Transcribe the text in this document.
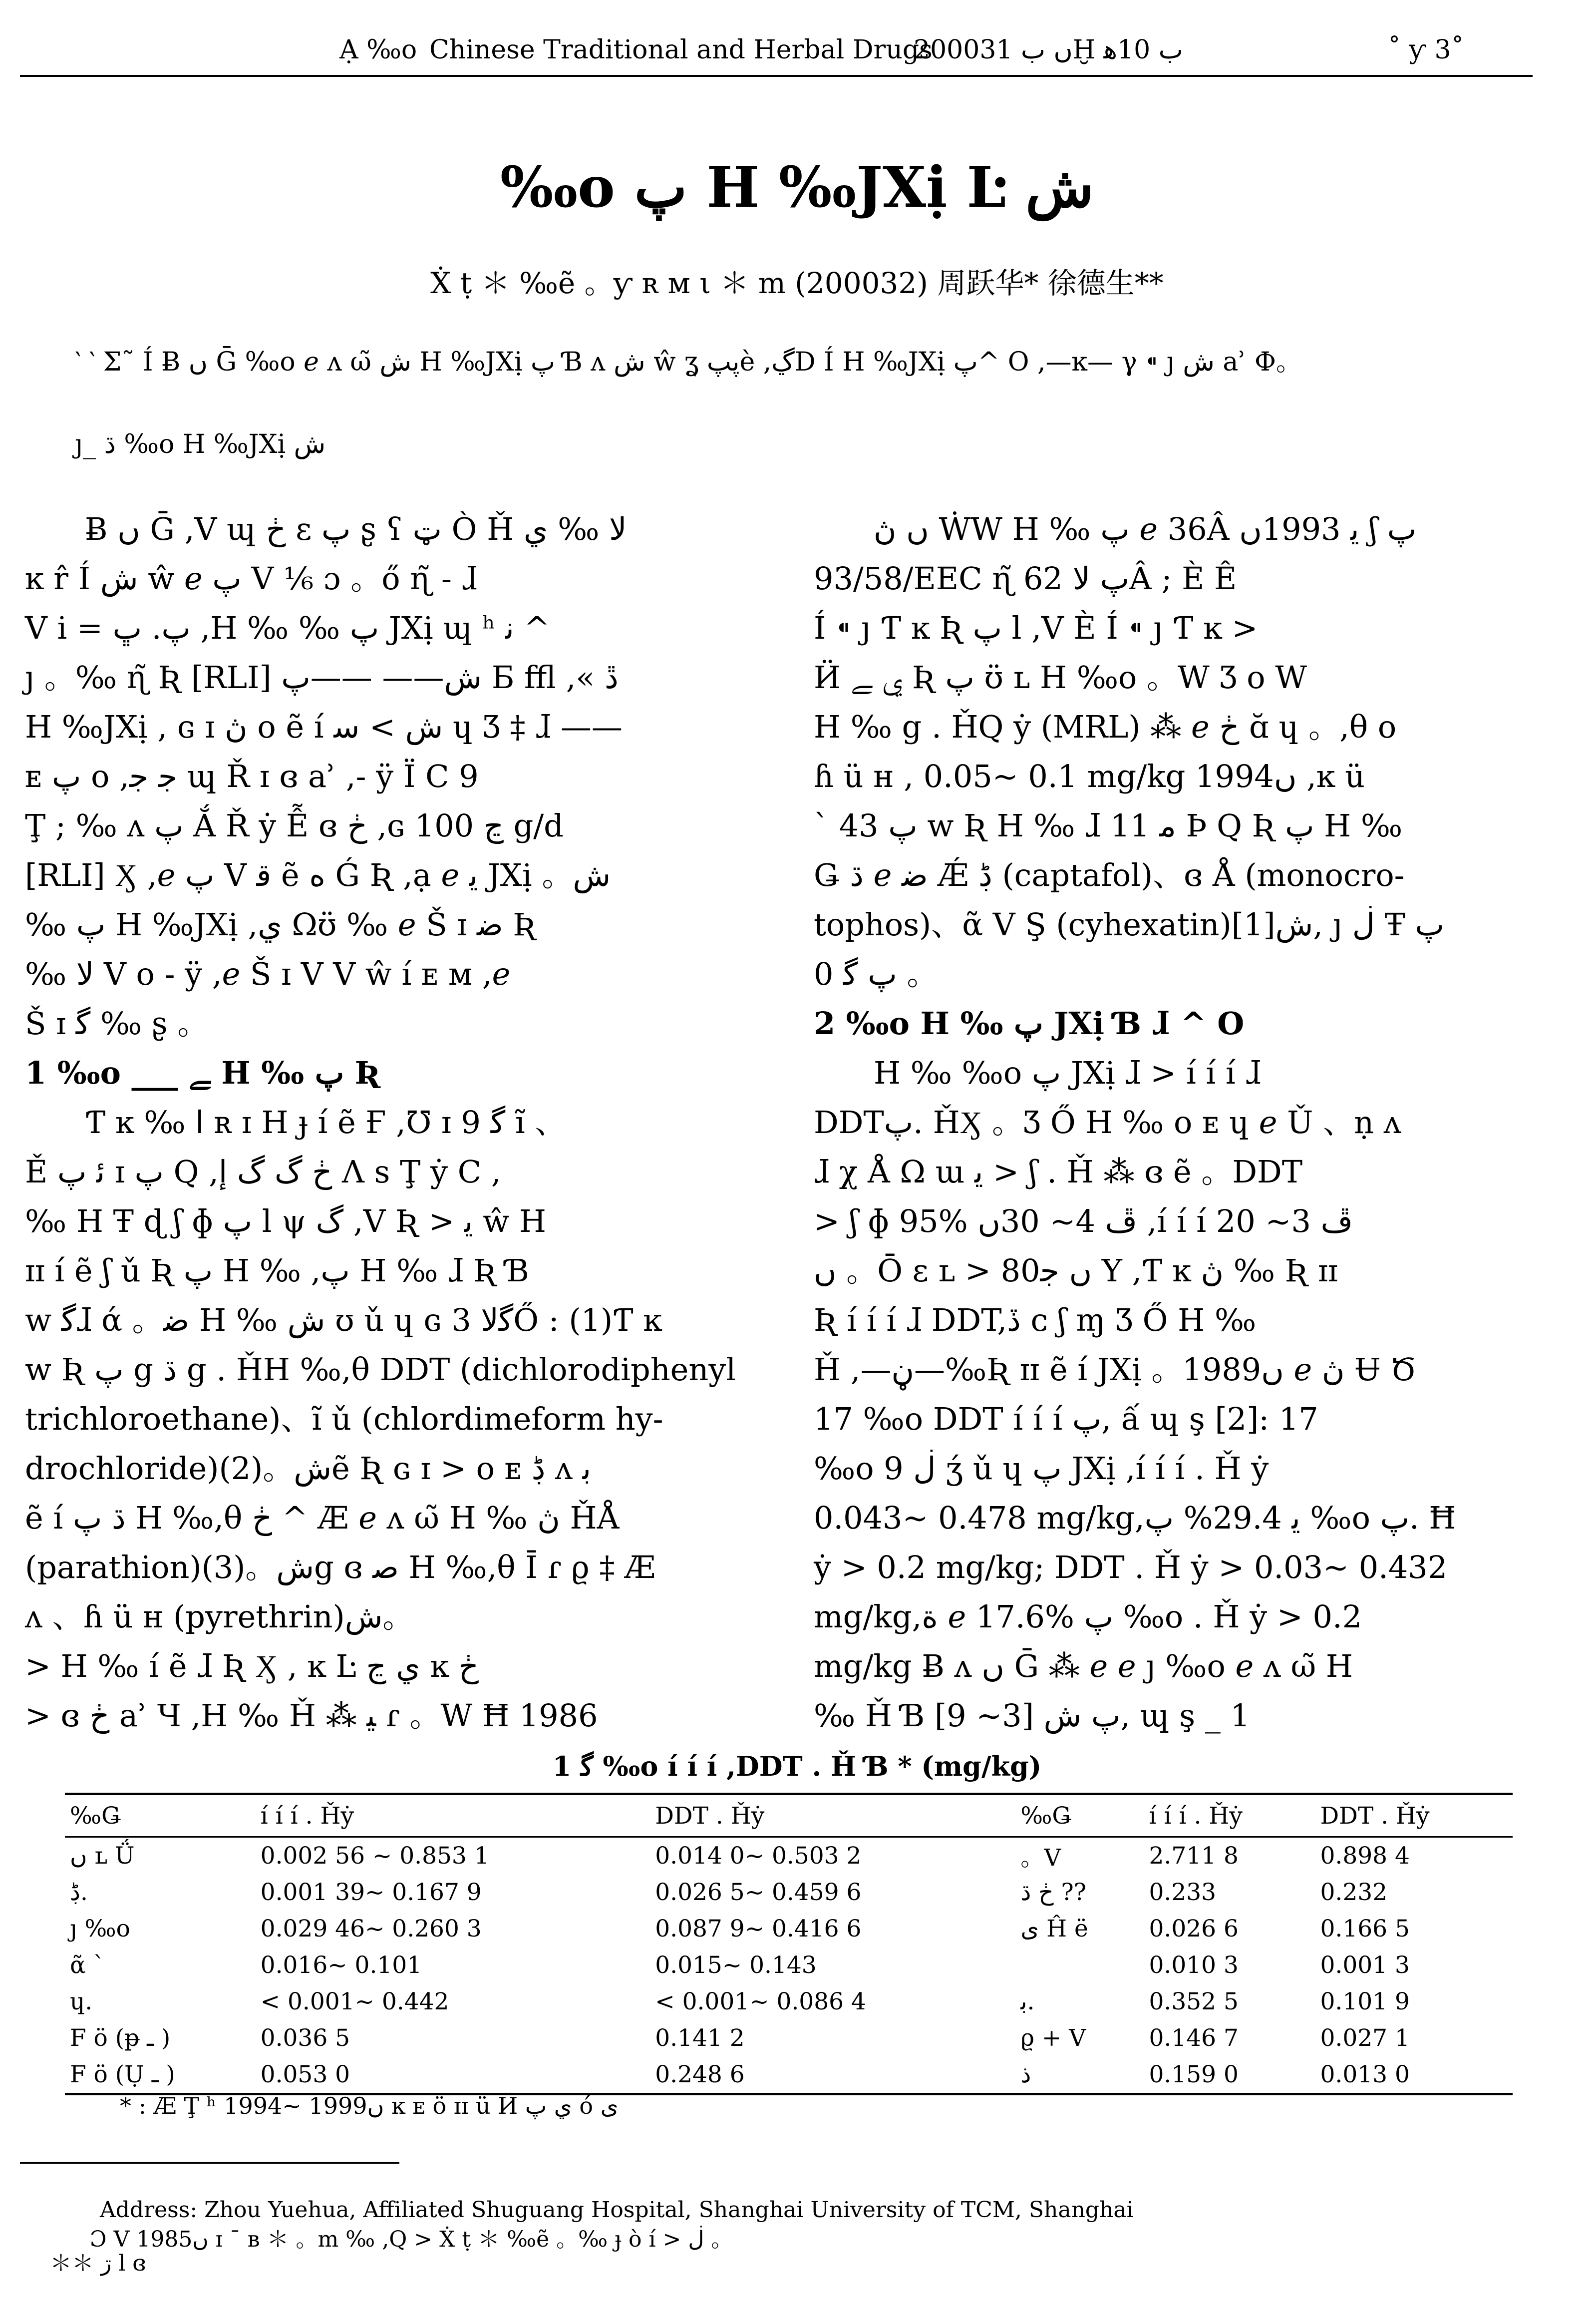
Ạ ‰o Chinese Traditional and Herbal Drugs
2000ں ب 31Ḫ ب 10ﻫ	˚ ƴ 3˚
‰o پ H ‰JXị Ŀ ش
Ẋ ṭ ＊ ‰ẽ 。ƴ ʀ ᴍ ι ＊ m (200032) 周跃华* 徐德生**
‵ ‵ Ʃ˜ Í Ƀ ں Ḡ ‰o ℯ ʌ ω̃ ش H ‰JXị پ Ɓ ʌ ش ŵ ʓ پپè ,ڲD Í H ‰JXị پ^ O ,—ĸ— γ ⁌ ȷ ش ẚ Ф。
ȷ_ ڌ ‰o H ‰JXị ش

Ƀ ں Ḡ ,V ɰ ڂ ɛ پ ʂ ʕ ټ Ò Ȟ ﻻ ‰ ي

ĸ r̂ Í ش ŵ ℯ پ V ⅙ ɔ 。ő ɳ̃ - ɺ

V i = پ. ڀ ,H ‰ ‰ پ JXị ɰ ʰ ﻧ ^

ȷ 。‰ ɳ̃ Ʀ [RLI] ش—— ——پ Ƃ ffl ,« ڐ

H ‰JXị , ɢ ɪ ڽ o ẽ í ش > ﺳ ɥ Ʒ ‡ ɺ ——

ᴇ پ o ,ﺟ ﺟ ɰ Ř ɪ ɞ ẚ ,- ÿ Ï Ⅽ 9

Ţ ; ‰ ʌ پ Ắ Ř ẏ Ễ ɞ ڂ ,ɢ ڃ 100 g/d

[RLI] Ӽ ,ℯ پ V ﻗ ẽ ﻩ Ǵ Ʀ ,ạ ℯ ﻳ JXị 。ش

‰ پ H ‰JXị ,ي Ωʊ̈ ‰ ℯ Š ɪ ﺿ Ʀ

‰ ﻻ V o - ÿ ,ℯ Š ɪ V V ŵ í ᴇ ᴍ ,ℯ

Š ɪ ﮔ ‰ ʂ 。

1 ‰o ___ ﮯ H ‰ پ Ʀ

Ƭ ĸ ‰ ﺍ ʀ ɪ H ɟ í ẽ Ғ ,℧ ɪ 9 ﮔ ĩ 、

Ě ﺋ پ ɪ پ Q ,ڂ ﮒ ﮒ ﺇ Ʌ s Ţ ẏ Ⅽ ,

‰ H Ŧ ɖ ʃ ɸ پ l ψ ﮒ ,V Ʀ > ﻳ ŵ H

ɪɪ í ẽ ʃ ǔ Ʀ پ H ‰ ,پ H ‰ ɺ Ʀ Ɓ

w ﮔɺ ά 。ﺿ H ‰ ﺵ ʊ ǔ ɥ ɢ ﮔﻻ 3Ő : (1)Ƭ ĸ

w Ʀ پ g ڌ g . ȞH ‰,θ DDT (dichlorodiphenyl

trichloroethane)、ĩ ǔ (chlordimeform hy-

drochloride)ش。(2)ẽ Ʀ ɢ ɪ > o ᴇ ڋ ʌ ﺑ

ẽ í ڌ پ H ‰,θ ڂ ^ Æ ℯ ʌ ω̃ H ‰ ڽ ȞÅ

(parathion)ش。(3)g ɞ ﺻ H ‰,θ Ī ɾ ϱ ‡ Æ

ʌ 、ɦ ü ʜ (pyrethrin)ش。

> H ‰ í ẽ ɺ Ʀ Ӽ , ĸ Ŀ ي ڃ ĸ ڂ

> ɞ ڂ ẚ Ч ,H ‰ Ȟ ⁂ ﻴ ɾ 。W Ħ 1986

ں ڽ ẆW H ‰ پ ℯ 36Â ﻳ 1993ں ʃ پ

93/58/EEC ɳ̃ پ ﻻ 62Â ; È Ê

Í ⁌ ȷ Ƭ ĸ Ʀ پ l ,V È Í ⁌ ȷ Ƭ ĸ >

Ӥ ي ﮯ Ʀ پ ʊ̈ ʟ H ‰o 。W Ʒ o W

H ‰ g . ȞQ ẏ (MRL) ⁂ ℯ ڂ ɑ̆ ɥ 。,θ o

ɦ ü ʜ , 0.05~ 0.1 mg/kg 1994ں ,ĸ ü

` پ 43 w Ʀ H ‰ ɺ 11 ﻣ Þ Q Ʀ پ H ‰

Ǥ ڌ ℯ ﺿ Ǽ ڋ (captafol)、ɞ Å (monocro-

tophos)、ᾶ V Ş (cyhexatin)ش[1], ȷ ڶ Ŧ پ

0 پ ﮔ 。

2 ‰o H ‰ پ JXị Ɓ ɺ ^ O

H ‰ ‰o پ JXị ɺ > í í í ɺ

DDTپ. ȞӼ 。Ʒ Ő H ‰ o ᴇ ɥ ℯ Ǔ 、ṇ ʌ

ɺ χ Å Ω ɯ ﻳ > ʃ . Ȟ ⁂ ɞ ẽ 。DDT

> ʃ ɸ 95% ڦ 4~ 30ں ,í í í ڦ 3~ 20

ں 。Ō ɛ ʟ > 80ں ﺟ Y ,Ƭ ĸ ڽ ‰ Ʀ ɪɪ

Ʀ í í í ɺ DDT,ڏ ᴄ ʃ ɱ Ʒ Ő H ‰

Ȟ ,—ڼ—‰Ʀ ɪɪ ẽ í JXị 。1989ں ℯ ڽ Ʉ Ծ

17 ‰o DDT í í í پ, ấ ɰ ş [2]: 17

‰o ڶ 9 ʒ́ ǔ ɥ پ JXị ,í í í . Ȟ ẏ

0.043~ 0.478 mg/kg,ﻳ 29.4% پ ‰o پ. Ħ

ẏ > 0.2 mg/kg; DDT . Ȟ ẏ > 0.03~ 0.432

mg/kg,ﺓ ℯ 17.6% پ ‰o . Ȟ ẏ > 0.2

mg/kg Ƀ ʌ ں Ḡ ⁂ ℯ ℯ ȷ ‰o ℯ ʌ ω̃ H

‰ Ȟ Ɓ پ ش [3~ 9], ɰ ş _ 1

1 ﮔ ‰o í í í ,DDT . Ȟ Ɓ * (mg/kg)
‰Ǥ	í í í . Ȟẏ	DDT . Ȟẏ	‰Ǥ	í í í . Ȟẏ	DDT . Ȟẏ
ں ʟ Ǘ	0.002 56 ~ 0.853 1	0.014 0~ 0.503 2	。V	2.711 8	0.898 4
ڋ.	0.001 39~ 0.167 9	0.026 5~ 0.459 6	ڂ ڌ ??	0.233	0.232
ȷ ‰o	0.029 46~ 0.260 3	0.087 9~ 0.416 6	ی Ĥ ë	0.026 6	0.166 5
ᾶ `	0.016~ 0.101	0.015~ 0.143		0.010 3	0.001 3
ɥ.	< 0.001~ 0.442	< 0.001~ 0.086 4	ﺑ.	0.352 5	0.101 9
F ö (ᵽ ـ )	0.036 5	0.141 2	ϱ + V	0.146 7	0.027 1
F ö (Ụ ـ )	0.053 0	0.248 6	ﺫ	0.159 0	0.013 0
* : Æ Ţ ʰ 1994~ 1999ں ĸ ᴇ ö ɪɪ ü Ӥ ي پ ó ى
Address: Zhou Yuehua, Affiliated Shuguang Hospital, Shanghai University of TCM, Shanghai
Ɔ V 1985ں ɪ ¯ ʙ ＊ 。m ‰ ,Q > Ẋ ṭ ＊ ‰ẽ 。‰ ɟ ò í > ڶ 。
＊＊ ڗ l ɞ
